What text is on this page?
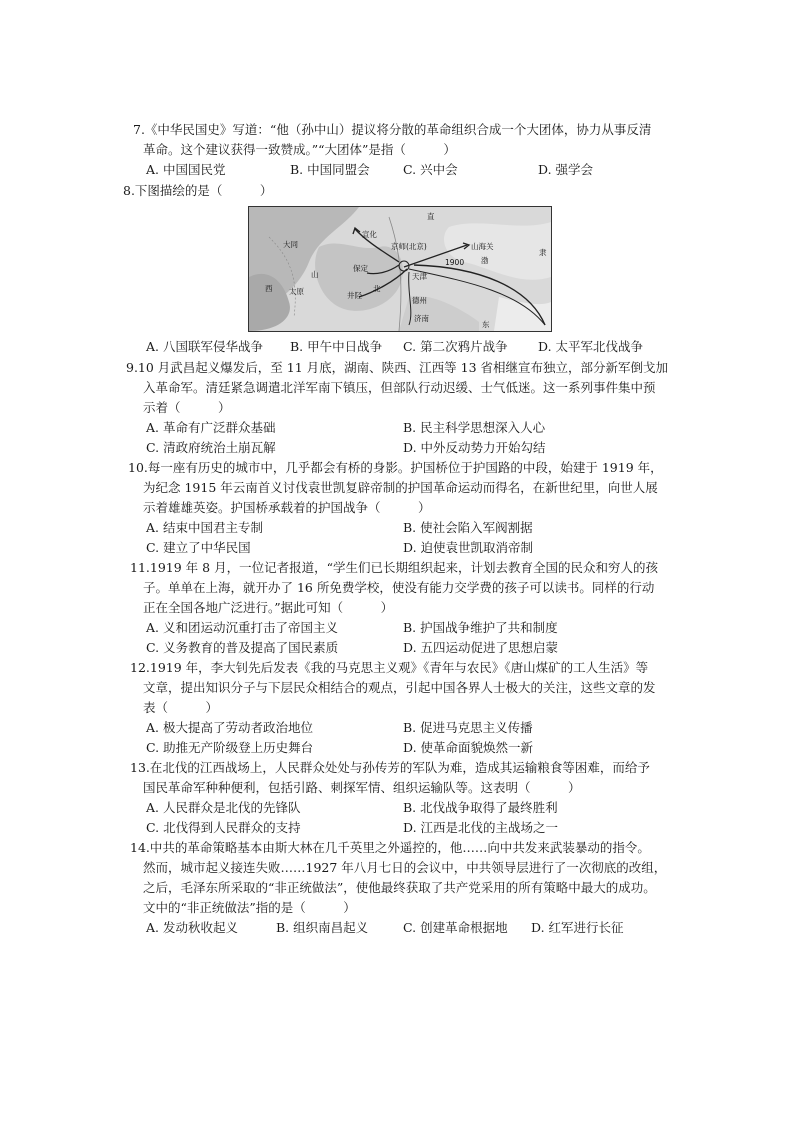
7.《中华民国史》写道：“他（孙中山）提议将分散的革命组织合成一个大团体，协力从事反清
革命。这个建议获得一致赞成。”“大团体”是指（　　　）
A. 中国国民党	B. 中国同盟会	C. 兴中会	D. 强学会
8.下图描绘的是（　　　）
直
宣化
大同	京师(北京)	山海关
山
保定
天津
西 太原	井陉
北
德州
济南
东
1900 渤
隶
A. 八国联军侵华战争 B. 甲午中日战争 C. 第二次鸦片战争 D. 太平军北伐战争
9.10 月武昌起义爆发后，至 11 月底，湖南、陕西、江西等 13 省相继宣布独立，部分新军倒戈加
入革命军。清廷紧急调遣北洋军南下镇压，但部队行动迟缓、士气低迷。这一系列事件集中预
示着（　　　）
A. 革命有广泛群众基础	B. 民主科学思想深入人心
C. 清政府统治土崩瓦解	D. 中外反动势力开始勾结
10.每一座有历史的城市中，几乎都会有桥的身影。护国桥位于护国路的中段，始建于 1919 年，
为纪念 1915 年云南首义讨伐袁世凯复辟帝制的护国革命运动而得名，在新世纪里，向世人展
示着雄雄英姿。护国桥承载着的护国战争（　　　）
A. 结束中国君主专制	B. 使社会陷入军阀割据
C. 建立了中华民国	D. 迫使袁世凯取消帝制
11.1919 年 8 月，一位记者报道，“学生们已长期组织起来，计划去教育全国的民众和穷人的孩
子。单单在上海，就开办了 16 所免费学校，使没有能力交学费的孩子可以读书。同样的行动
正在全国各地广泛进行。”据此可知（　　　）
A. 义和团运动沉重打击了帝国主义	B. 护国战争维护了共和制度
C. 义务教育的普及提高了国民素质	D. 五四运动促进了思想启蒙
12.1919 年，李大钊先后发表《我的马克思主义观》《青年与农民》《唐山煤矿的工人生活》等
文章，提出知识分子与下层民众相结合的观点，引起中国各界人士极大的关注，这些文章的发
表（　　　）
A. 极大提高了劳动者政治地位	B. 促进马克思主义传播
C. 助推无产阶级登上历史舞台	D. 使革命面貌焕然一新
13.在北伐的江西战场上，人民群众处处与孙传芳的军队为难，造成其运输粮食等困难，而给予
国民革命军种种便利，包括引路、刺探军情、组织运输队等。这表明（　　　）
A. 人民群众是北伐的先锋队	B. 北伐战争取得了最终胜利
C. 北伐得到人民群众的支持	D. 江西是北伐的主战场之一
14.中共的革命策略基本由斯大林在几千英里之外遥控的，他……向中共发来武装暴动的指令。
然而，城市起义接连失败……1927 年八月七日的会议中，中共领导层进行了一次彻底的改组，
之后，毛泽东所采取的“非正统做法”，使他最终获取了共产党采用的所有策略中最大的成功。
文中的“非正统做法”指的是（　　　）
A. 发动秋收起义	B. 组织南昌起义	C. 创建革命根据地 D. 红军进行长征
